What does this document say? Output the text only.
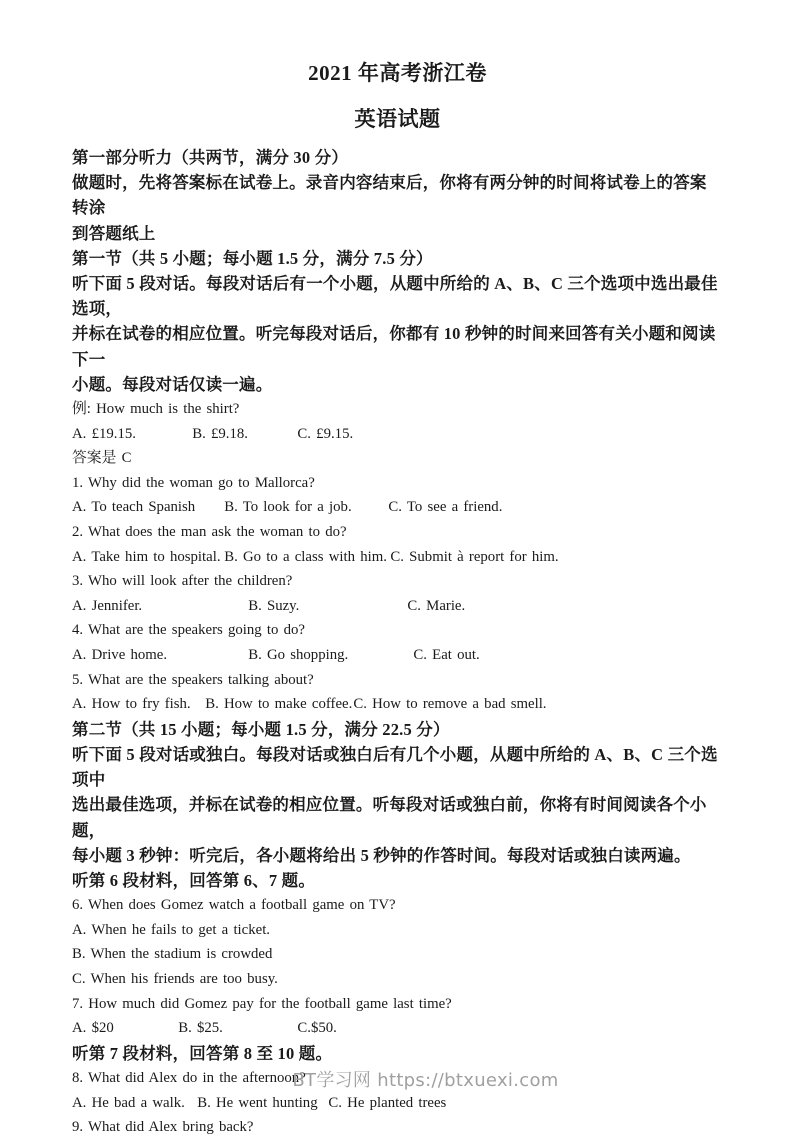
2021 年高考浙江卷
英语试题
第一部分听力（共两节，满分 30 分）
做题时，先将答案标在试卷上。录音内容结束后，你将有两分钟的时间将试卷上的答案转涂
到答题纸上
第一节（共 5 小题；每小题 1.5 分，满分 7.5 分）
听下面 5 段对话。每段对话后有一个小题，从题中所给的 A、B、C 三个选项中选出最佳选项，
并标在试卷的相应位置。听完每段对话后，你都有 10 秒钟的时间来回答有关小题和阅读下一
小题。每段对话仅读一遍。
例: How much is the shirt?
A. £19.15.	B. £9.18.	C. £9.15.
答案是 C
1. Why did the woman go to Mallorca?
A. To teach Spanish B. To look for a job. C. To see a friend.
2. What does the man ask the woman to do?
A. Take him to hospital. B. Go to a class with him. C. Submit à report for him.
3. Who will look after the children?
A. Jennifer.	B. Suzy.	C. Marie.
4. What are the speakers going to do?
A. Drive home.	B. Go shopping.	C. Eat out.
5. What are the speakers talking about?
A. How to fry fish. B. How to make coffee. C. How to remove a bad smell.
第二节（共 15 小题；每小题 1.5 分，满分 22.5 分）
听下面 5 段对话或独白。每段对话或独白后有几个小题，从题中所给的 A、B、C 三个选项中
选出最佳选项，并标在试卷的相应位置。听每段对话或独白前，你将有时间阅读各个小题，
每小题 3 秒钟：听完后，各小题将给出 5 秒钟的作答时间。每段对话或独白读两遍。
听第 6 段材料，回答第 6、7 题。
6. When does Gomez watch a football game on TV?
A. When he fails to get a ticket.
B. When the stadium is crowded
C. When his friends are too busy.
7. How much did Gomez pay for the football game last time?
A. $20	B. $25.	C.$50.
听第 7 段材料，回答第 8 至 10 题。
8. What did Alex do in the afternoon?
A. He bad a walk. B. He went hunting C. He planted trees
9. What did Alex bring back?
BT学习网 https://btxuexi.com
